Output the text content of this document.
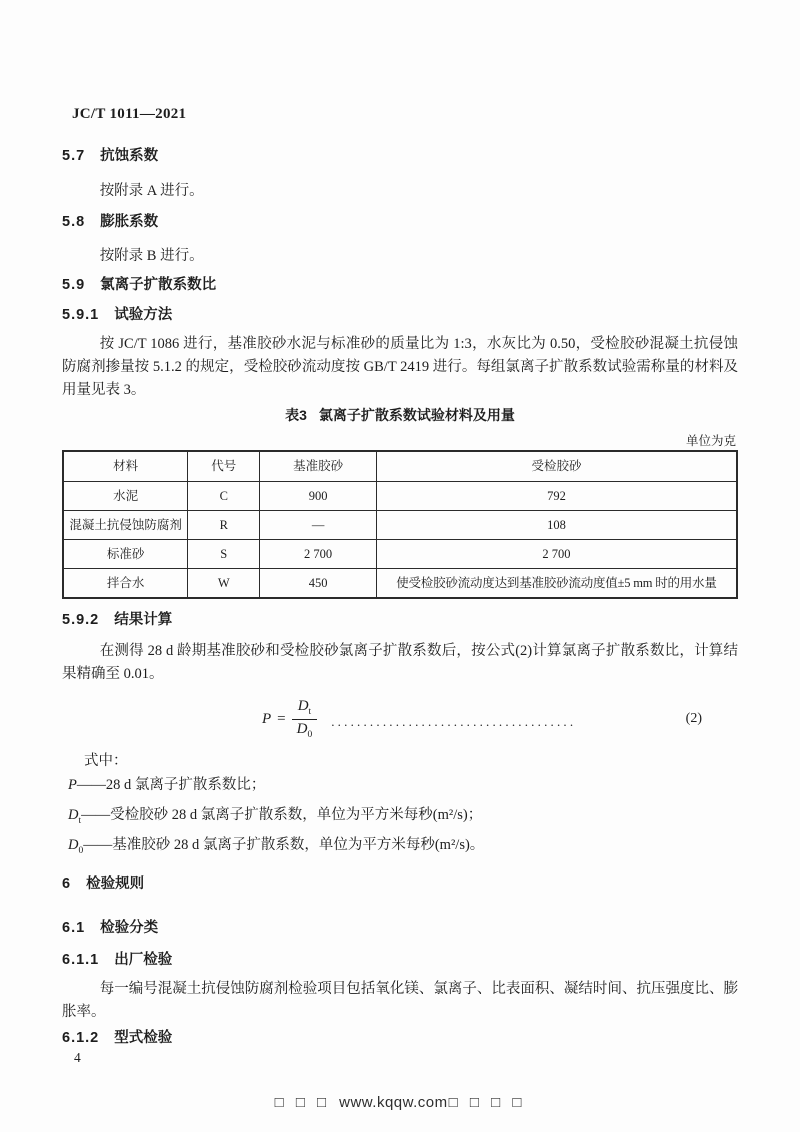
JC/T 1011—2021
5.7 抗蚀系数

按附录 A 进行。

5.8 膨胀系数

按附录 B 进行。

5.9 氯离子扩散系数比
5.9.1 试验方法

按 JC/T 1086 进行，基准胶砂水泥与标准砂的质量比为 1:3，水灰比为 0.50，受检胶砂混凝土抗侵蚀防腐剂掺量按 5.1.2 的规定，受检胶砂流动度按 GB/T 2419 进行。每组氯离子扩散系数试验需称量的材料及用量见表 3。

表3 氯离子扩散系数试验材料及用量
单位为克
材料	代号	基准胶砂	受检胶砂
水泥	C	900	792
混凝土抗侵蚀防腐剂	R	—	108
标准砂	S	2 700	2 700
拌合水	W	450	使受检胶砂流动度达到基准胶砂流动度值±5 mm 时的用水量
5.9.2 结果计算

在测得 28 d 龄期基准胶砂和受检胶砂氯离子扩散系数后，按公式(2)计算氯离子扩散系数比，计算结果精确至 0.01。

$P = \frac{D_t}{D_0}$ ......................................	(2)
式中：
P——28 d 氯离子扩散系数比；
$D_t——$受检胶砂 28 d 氯离子扩散系数，单位为平方米每秒(m²/s)；
$D_0——$基准胶砂 28 d 氯离子扩散系数，单位为平方米每秒(m²/s)。
6 检验规则
6.1 检验分类
6.1.1 出厂检验

每一编号混凝土抗侵蚀防腐剂检验项目包括氧化镁、氯离子、比表面积、凝结时间、抗压强度比、膨胀率。

6.1.2 型式检验
4
□ □ □ www.kqqw.com□ □ □ □
